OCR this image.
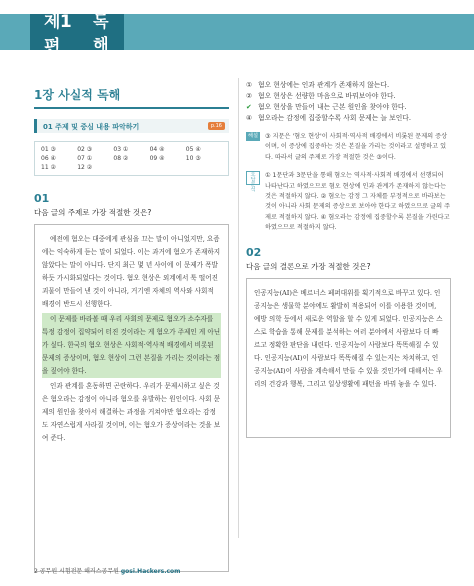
제1편
독해
1장 사실적 독해
01 주제 및 중심 내용 파악하기	p.16
01 ③	02 ③	03 ①	04 ④	05 ④
06 ④	07 ①	08 ②	09 ④	10 ③
11 ②	12 ②
01
다음 글의 주제로 가장 적절한 것은?

예전에 혐오는 대중에게 관심을 끄는 말이 아니었지만, 요즘에는 익숙하게 듣는 말이 되었다. 이는 과거에 혐오가 존재하지 않았다는 말이 아니다. 단지 최근 몇 년 사이에 이 문제가 폭발하듯 가시화되었다는 것이다. 혐오 현상은 외계에서 툭 떨어진 괴물이 만들어 낸 것이 아니라, 거기엔 자체의 역사와 사회적 배경이 반드시 선행한다.

이 문제를 바라볼 때 우리 사회의 문제로 혐오가 소수자를 특정 감정이 집약되어 터진 것이라는 게 혐오가 주제인 게 아닌가 싶다. 한국의 혐오 현상은 사회적·역사적 배경에서 비롯된 문제의 증상이며, 혐오 현상이 그런 본질을 가리는 것이라는 점을 짚어야 한다.

인과 관계를 혼동하면 곤란하다. 우리가 문제시하고 싶은 것은 혐오라는 감정이 아니라 혐오를 유발하는 원인이다. 사회 문제의 원인을 찾아서 해결하는 과정을 거쳐야만 혐오라는 감정도 자연스럽게 사라질 것이며, 이는 혐오가 증상이라는 것을 보여 준다.

① 혐오 현상에는 인과 관계가 존재하지 않는다.
② 혐오 현상은 선량한 마음으로 바꿔보아야 한다.
✔ 혐오 현상을 만들어 내는 근본 원인을 찾아야 한다.
④ 혐오라는 감정에 집중할수록 사회 문제는 늘 보인다.
해설	③ 지문은 '혐오 현상'이 사회적·역사적 배경에서 비롯된 문제의 증상이며, 이 증상에 집중하는 것은 본질을 가리는 것이라고 설명하고 있다. 따라서 글의 주제로 가장 적절한 것은 ③이다.
오답 분석
① 1문단과 3문단을 통해 혐오는 역사적·사회적 배경에서 선행되어 나타난다고 하였으므로 혐오 현상에 인과 관계가 존재하지 않는다는 것은 적절하지 않다. ② 혐오는 감정 그 자체를 부정적으로 바라보는 것이 아니라 사회 문제의 증상으로 보아야 한다고 하였으므로 글의 주제로 적절하지 않다. ④ 혐오라는 감정에 집중할수록 본질을 가린다고 하였으므로 적절하지 않다.
02
다음 글의 결론으로 가장 적절한 것은?

인공지능(AI)은 베르너스 페퍼대위를 획기적으로 바꾸고 있다. 인공지능은 생물학 분야에도 활발히 적용되어 이를 이용한 것이며, 예방 의학 등에서 새로운 역할을 할 수 있게 되었다. 인공지능은 스스로 학습을 통해 문제를 분석하는 여러 분야에서 사람보다 더 빠르고 정확한 판단을 내린다. 인공지능이 사람보다 똑똑해질 수 있다. 인공지능(AI)이 사람보다 똑똑해질 수 있는지는 차치하고, 인공지능(AI)이 사람을 계속해서 만들 수 있을 것인가에 대해서는 우리의 건강과 행복, 그리고 일상생활에 패턴을 바꿔 놓을 수 있다.

2 공무원 시험전문 해커스공무원 gosi.Hackers.com
